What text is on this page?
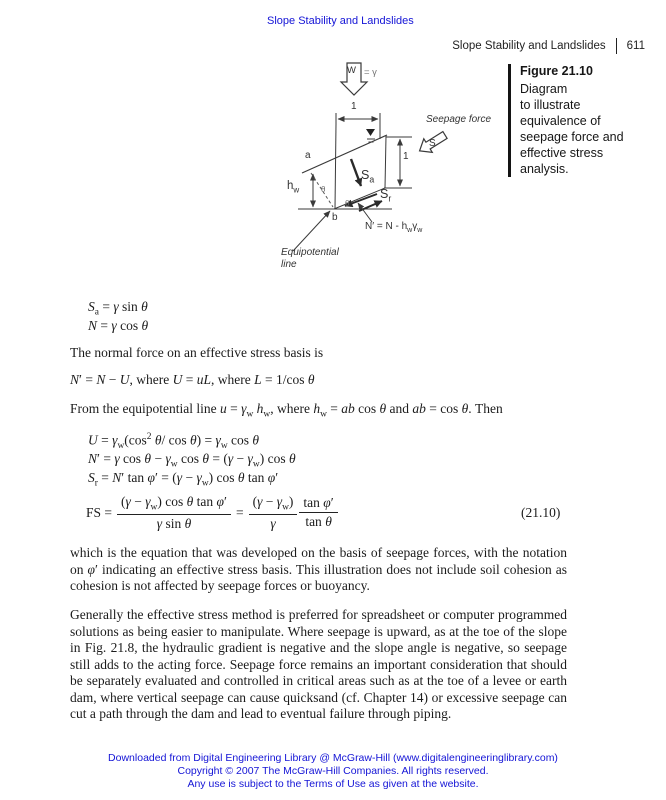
Slope Stability and Landslides
Slope Stability and Landslides 611
W = γ
1
Seepage force
S
1
a
$h_w$	θ
b
$S_a$
$S_r$
θ
$N' = N - h_w\gamma_w$
Equipotential
line
Figure 21.10
Diagram
to illustrate
equivalence of
seepage force and
effective stress
analysis.
$S_a = \gamma$ sin θ
N = γ cos θ
The normal force on an effective stress basis is
N′ = N − U, where U = uL, where L = 1/cos θ
From the equipotential line $u = \gamma_w$ $h_w$, where $h_w$ = ab cos θ and ab = cos θ. Then
$U = \gamma_w(\cos^2$ θ/ $\cos \theta) = \gamma_w$ cos θ
N′ = γ $\cos \theta - \gamma_w$ $\cos \theta = (\gamma - \gamma_w)$ cos θ
$S_r = N'$ $\tan \varphi' = (\gamma - \gamma_w)$ cos θ tan φ′
FS = $\frac{(\gamma - \gamma_w) \cos \theta \tan \varphi'}{\text{γ sin θ}} = \frac{(\gamma - \gamma_w)}{\gamma} \frac{\text{tan φ′}}{\text{tan θ}}$	(21.10)
which is the equation that was developed on the basis of seepage forces, with the notation on φ′ indicating an effective stress basis. This illustration does not include soil cohesion as cohesion is not affected by seepage forces or buoyancy.
Generally the effective stress method is preferred for spreadsheet or computer programmed solutions as being easier to manipulate. Where seepage is upward, as at the toe of the slope in Fig. 21.8, the hydraulic gradient is negative and the slope angle is negative, so seepage still adds to the acting force. Seepage force remains an important consideration that should be separately evaluated and controlled in critical areas such as at the toe of a levee or earth dam, where vertical seepage can cause quicksand (cf. Chapter 14) or excessive seepage can cut a path through the dam and lead to eventual failure through piping.
Downloaded from Digital Engineering Library @ McGraw-Hill (www.digitalengineeringlibrary.com)
Copyright © 2007 The McGraw-Hill Companies. All rights reserved.
Any use is subject to the Terms of Use as given at the website.
